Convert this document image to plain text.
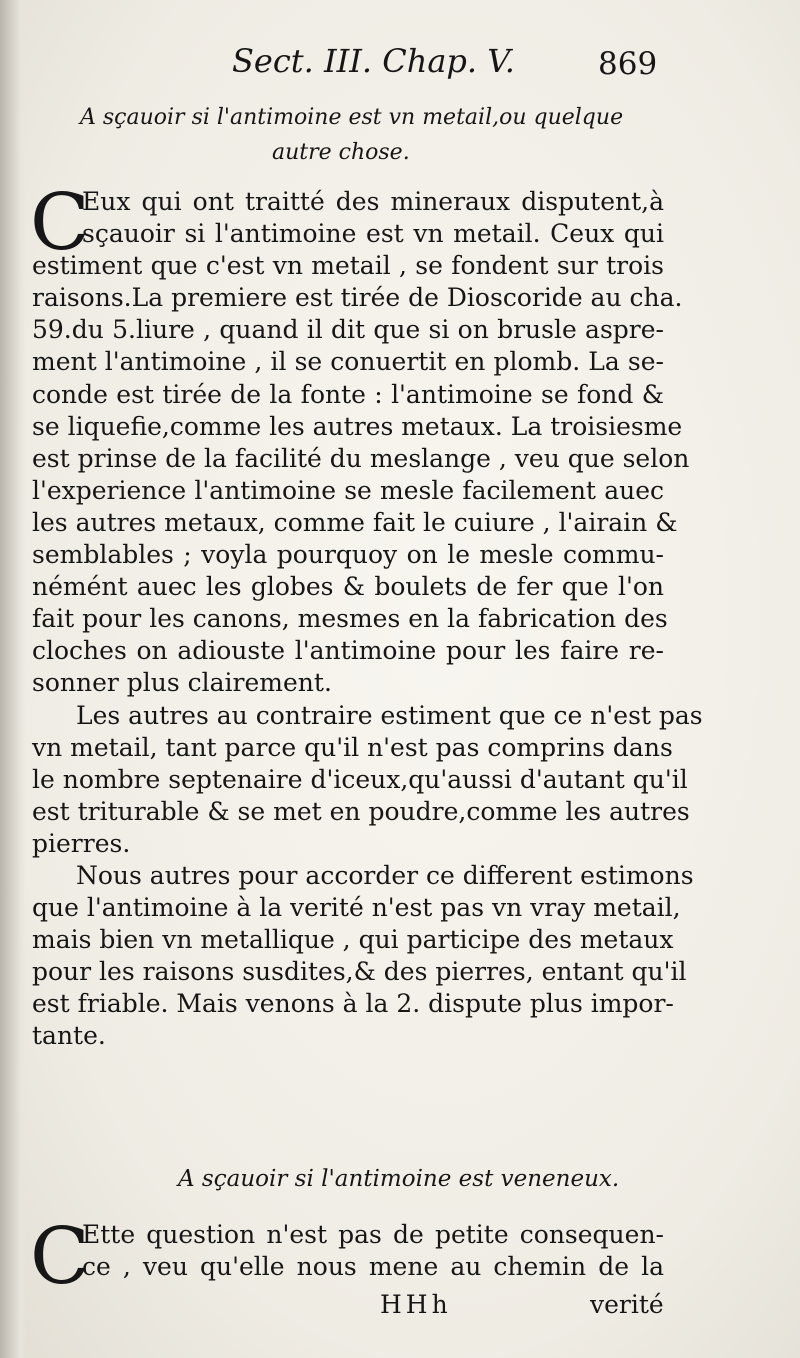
Sect. III. Chap. V.	869
A sçauoir si l'antimoine est vn metail,ou quelque
autre chose.
C
Eux qui ont traitté des mineraux disputent,à
sçauoir si l'antimoine est vn metail. Ceux qui
estiment que c'est vn metail , se fondent sur trois
raisons.La premiere est tirée de Dioscoride au cha.
59.du 5.liure , quand il dit que si on brusle aspre-
ment l'antimoine , il se conuertit en plomb. La se-
conde est tirée de la fonte : l'antimoine se fond &
se liquefie,comme les autres metaux. La troisiesme
est prinse de la facilité du meslange , veu que selon
l'experience l'antimoine se mesle facilement auec
les autres metaux, comme fait le cuiure , l'airain &
semblables ; voyla pourquoy on le mesle commu-
némént auec les globes & boulets de fer que l'on
fait pour les canons, mesmes en la fabrication des
cloches on adiouste l'antimoine pour les faire re-
sonner plus clairement.
Les autres au contraire estiment que ce n'est pas
vn metail, tant parce qu'il n'est pas comprins dans
le nombre septenaire d'iceux,qu'aussi d'autant qu'il
est triturable & se met en poudre,comme les autres
pierres.
Nous autres pour accorder ce different estimons
que l'antimoine à la verité n'est pas vn vray metail,
mais bien vn metallique , qui participe des metaux
pour les raisons susdites,& des pierres, entant qu'il
est friable. Mais venons à la 2. dispute plus impor-
tante.
A sçauoir si l'antimoine est veneneux.
C
Ette question n'est pas de petite consequen-
ce , veu qu'elle nous mene au chemin de la
HHh	verité
